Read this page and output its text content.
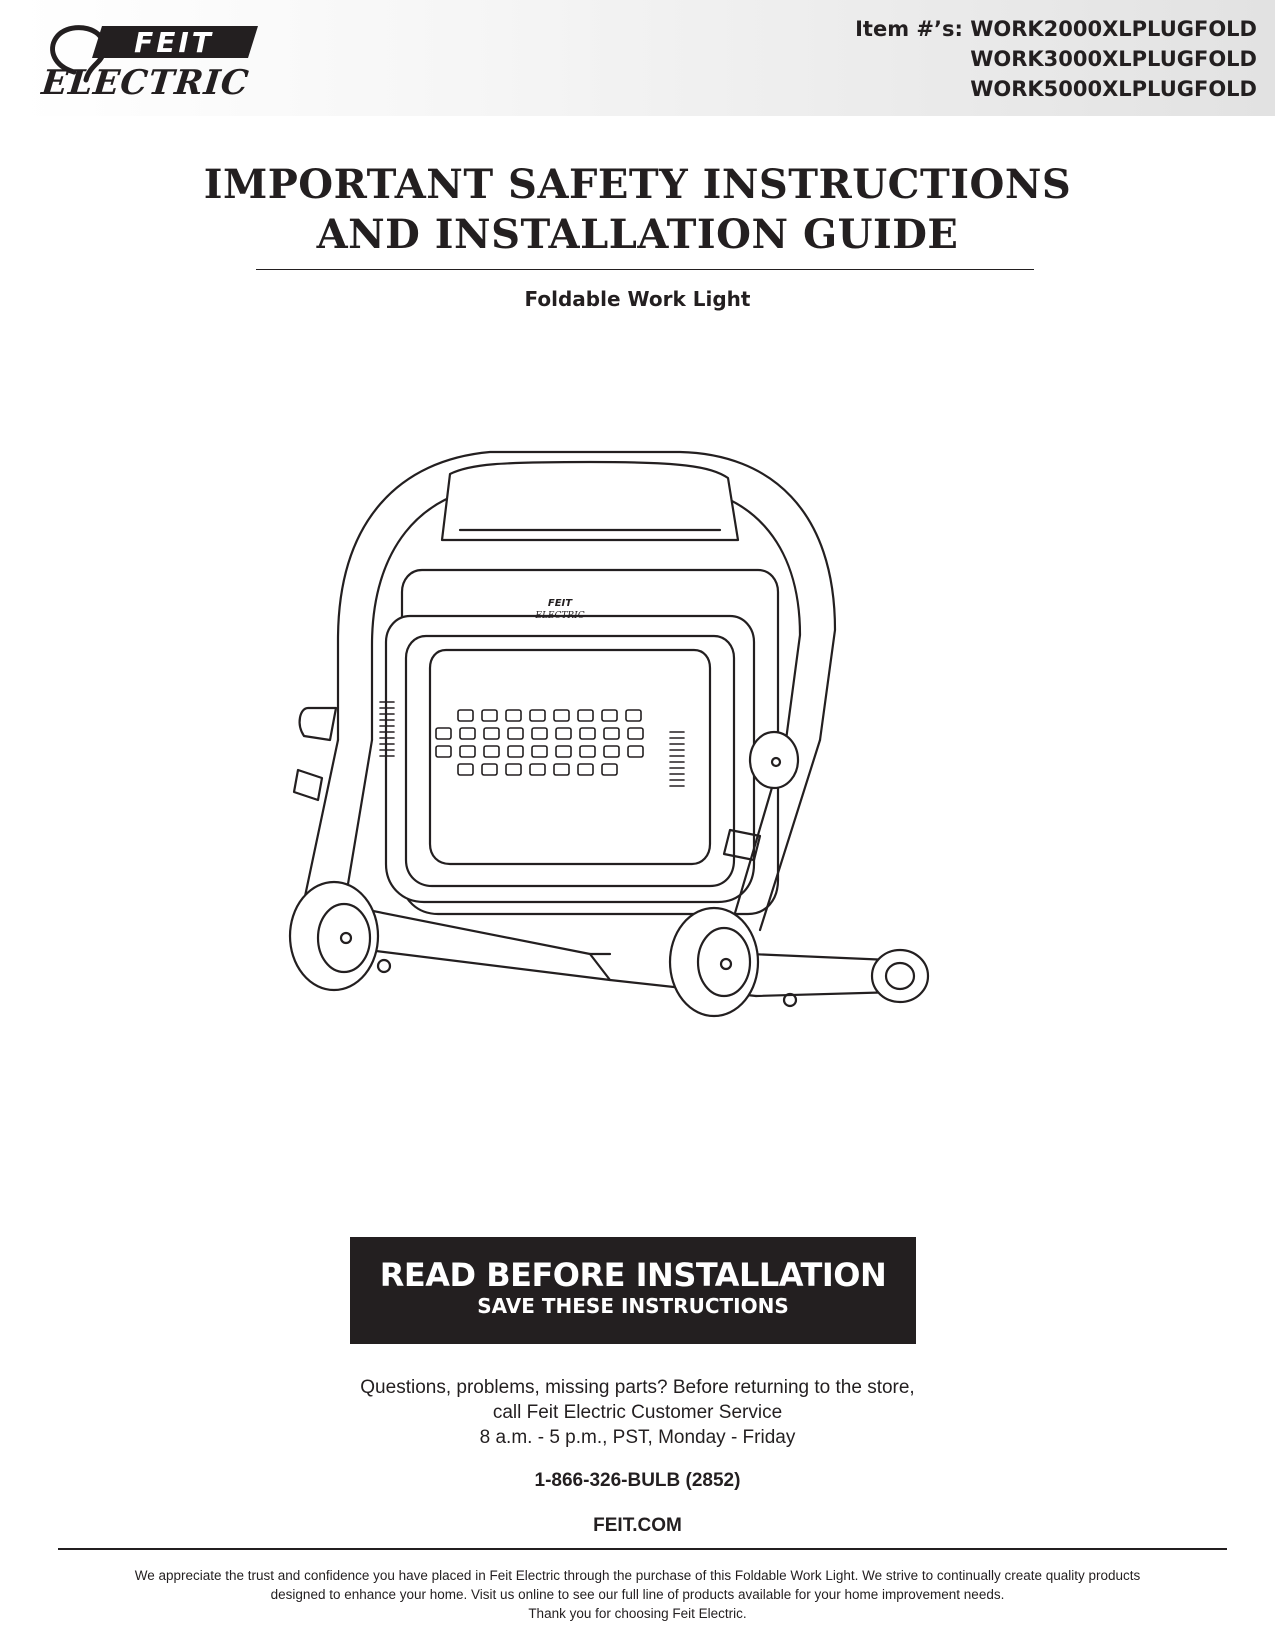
FEIT
ELECTRIC
Item #’s: WORK2000XLPLUGFOLD
WORK3000XLPLUGFOLD
WORK5000XLPLUGFOLD
IMPORTANT SAFETY INSTRUCTIONS
AND INSTALLATION GUIDE
Foldable Work Light
FEIT
ELECTRIC
READ BEFORE INSTALLATION
SAVE THESE INSTRUCTIONS
Questions, problems, missing parts? Before returning to the store,
call Feit Electric Customer Service
8 a.m. - 5 p.m., PST, Monday - Friday
1-866-326-BULB (2852)
FEIT.COM
We appreciate the trust and confidence you have placed in Feit Electric through the purchase of this Foldable Work Light. We strive to continually create quality products
designed to enhance your home. Visit us online to see our full line of products available for your home improvement needs.
Thank you for choosing Feit Electric.
